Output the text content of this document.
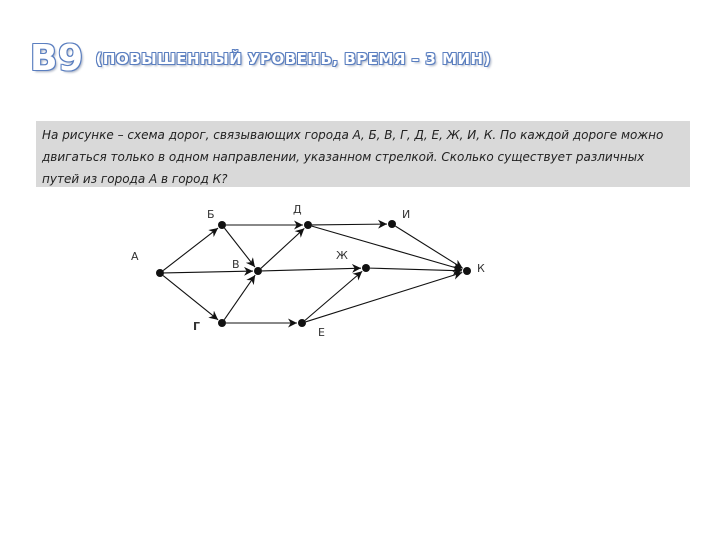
B9 (ПОВЫШЕННЫЙ УРОВЕНЬ, ВРЕМЯ – 3 МИН)

На рисунке – схема дорог, связывающих города А, Б, В, Г, Д, Е, Ж, И, К. По каждой дороге можно двигаться только в одном направлении, указанном стрелкой. Сколько существует различных путей из города А в город К?

А
Б
В
Г
Д
Е
Ж
И
К
